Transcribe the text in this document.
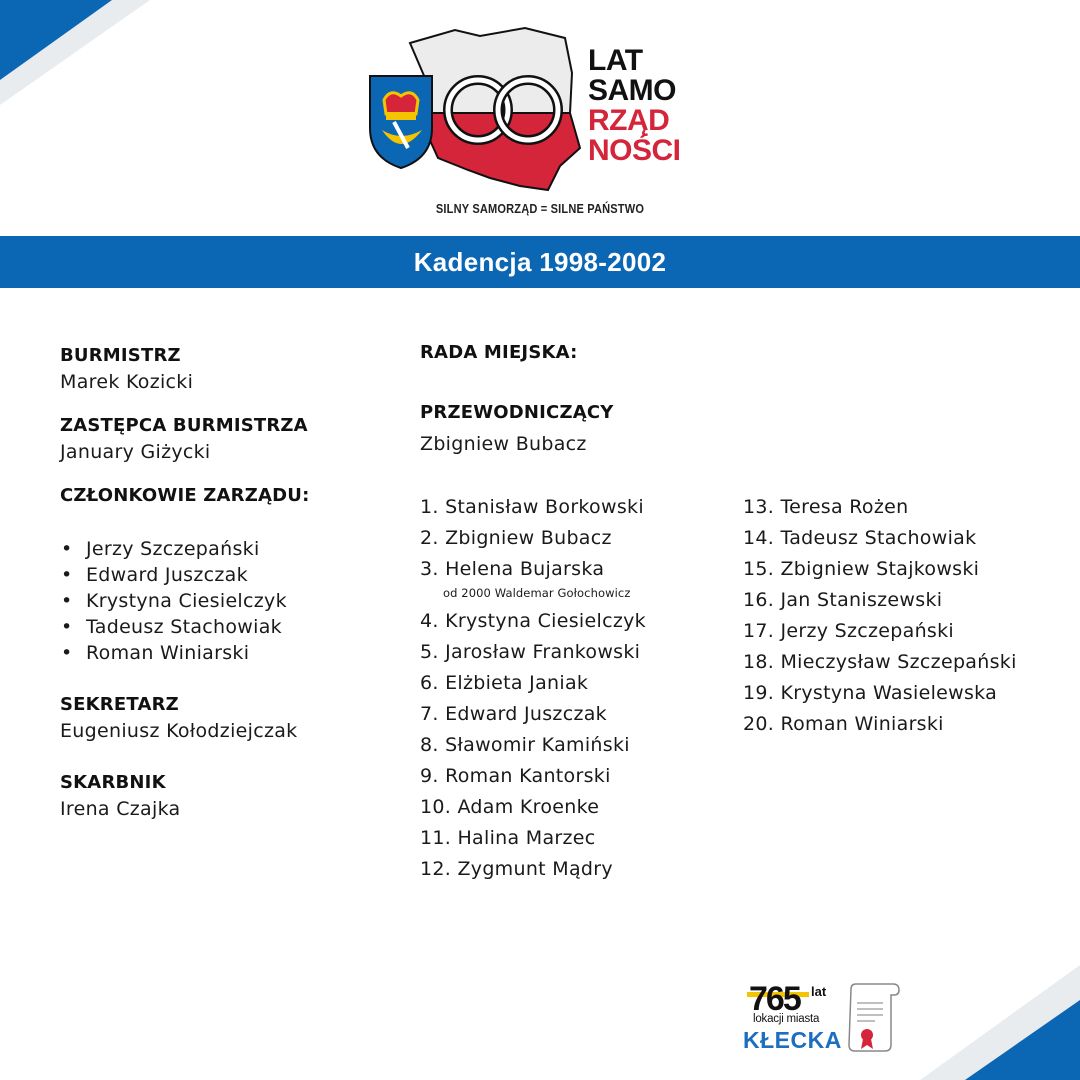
LAT
SAMO
RZĄD
NOŚCI
SILNY SAMORZĄD = SILNE PAŃSTWO
Kadencja 1998-2002
BURMISTRZ
Marek Kozicki
ZASTĘPCA BURMISTRZA
January Giżycki
CZŁONKOWIE ZARZĄDU:
• Jerzy Szczepański
• Edward Juszczak
• Krystyna Ciesielczyk
• Tadeusz Stachowiak
• Roman Winiarski
SEKRETARZ
Eugeniusz Kołodziejczak
SKARBNIK
Irena Czajka
RADA MIEJSKA:
PRZEWODNICZĄCY
Zbigniew Bubacz
1. Stanisław Borkowski
2. Zbigniew Bubacz
3. Helena Bujarska
od 2000 Waldemar Gołochowicz
4. Krystyna Ciesielczyk
5. Jarosław Frankowski
6. Elżbieta Janiak
7. Edward Juszczak
8. Sławomir Kamiński
9. Roman Kantorski
10. Adam Kroenke
11. Halina Marzec
12. Zygmunt Mądry
13. Teresa Rożen
14. Tadeusz Stachowiak
15. Zbigniew Stajkowski
16. Jan Staniszewski
17. Jerzy Szczepański
18. Mieczysław Szczepański
19. Krystyna Wasielewska
20. Roman Winiarski
765 lat
lokacji miasta
KŁECKA
